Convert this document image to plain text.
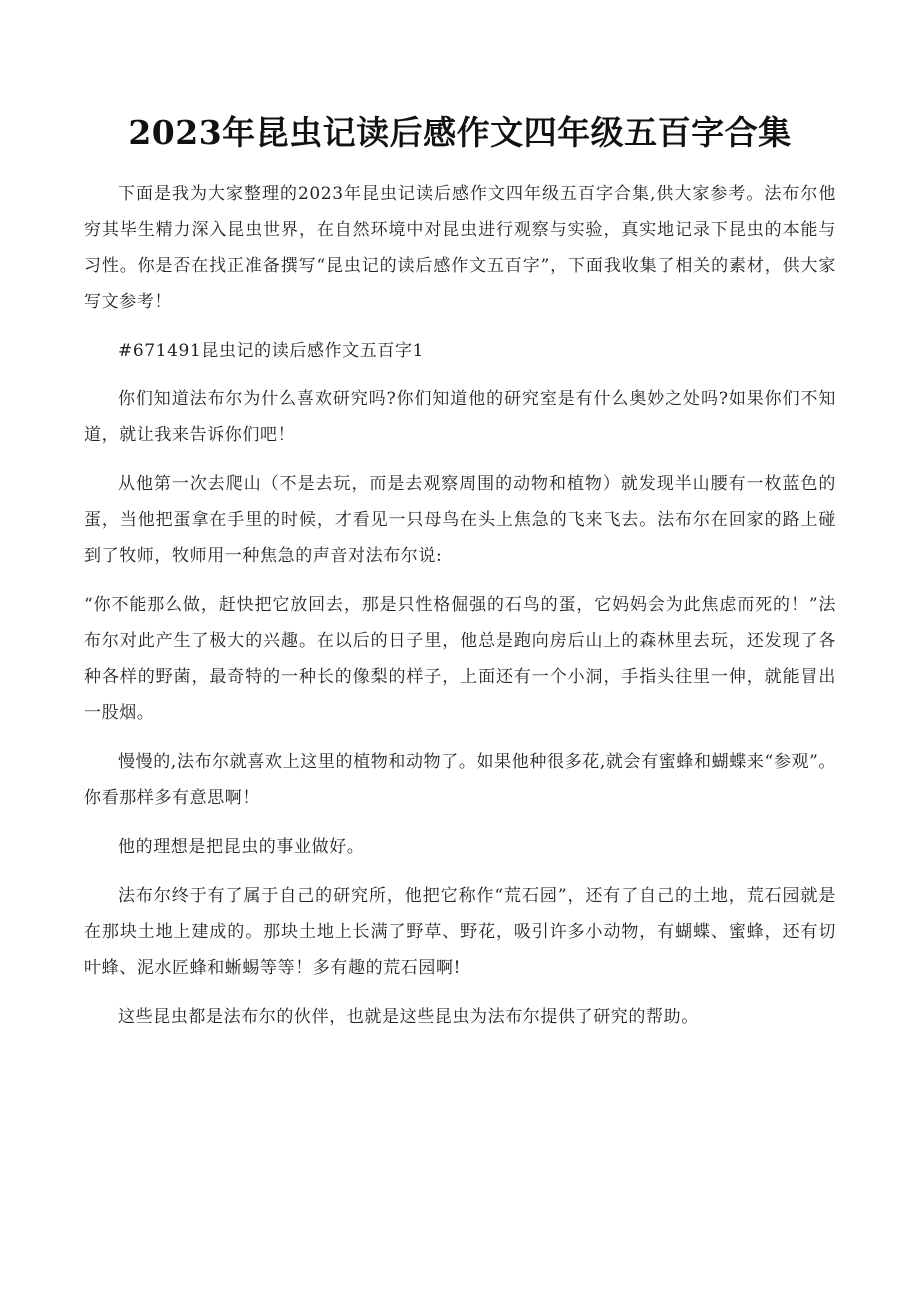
2023年昆虫记读后感作文四年级五百字合集

下面是我为大家整理的2023年昆虫记读后感作文四年级五百字合集,供大家参考。法布尔他穷其毕生精力深入昆虫世界，在自然环境中对昆虫进行观察与实验，真实地记录下昆虫的本能与习性。你是否在找正准备撰写“昆虫记的读后感作文五百字”，下面我收集了相关的素材，供大家写文参考！

#671491昆虫记的读后感作文五百字1

你们知道法布尔为什么喜欢研究吗?你们知道他的研究室是有什么奥妙之处吗?如果你们不知道，就让我来告诉你们吧！

从他第一次去爬山（不是去玩，而是去观察周围的动物和植物）就发现半山腰有一枚蓝色的蛋，当他把蛋拿在手里的时候，才看见一只母鸟在头上焦急的飞来飞去。法布尔在回家的路上碰到了牧师，牧师用一种焦急的声音对法布尔说:

“你不能那么做，赶快把它放回去，那是只性格倔强的石鸟的蛋，它妈妈会为此焦虑而死的！”法布尔对此产生了极大的兴趣。在以后的日子里，他总是跑向房后山上的森林里去玩，还发现了各种各样的野菌，最奇特的一种长的像梨的样子，上面还有一个小洞，手指头往里一伸，就能冒出一股烟。

慢慢的,法布尔就喜欢上这里的植物和动物了。如果他种很多花,就会有蜜蜂和蝴蝶来“参观”。你看那样多有意思啊！

他的理想是把昆虫的事业做好。

法布尔终于有了属于自己的研究所，他把它称作“荒石园”，还有了自己的土地，荒石园就是在那块土地上建成的。那块土地上长满了野草、野花，吸引许多小动物，有蝴蝶、蜜蜂，还有切叶蜂、泥水匠蜂和蜥蜴等等！多有趣的荒石园啊!

这些昆虫都是法布尔的伙伴，也就是这些昆虫为法布尔提供了研究的帮助。
